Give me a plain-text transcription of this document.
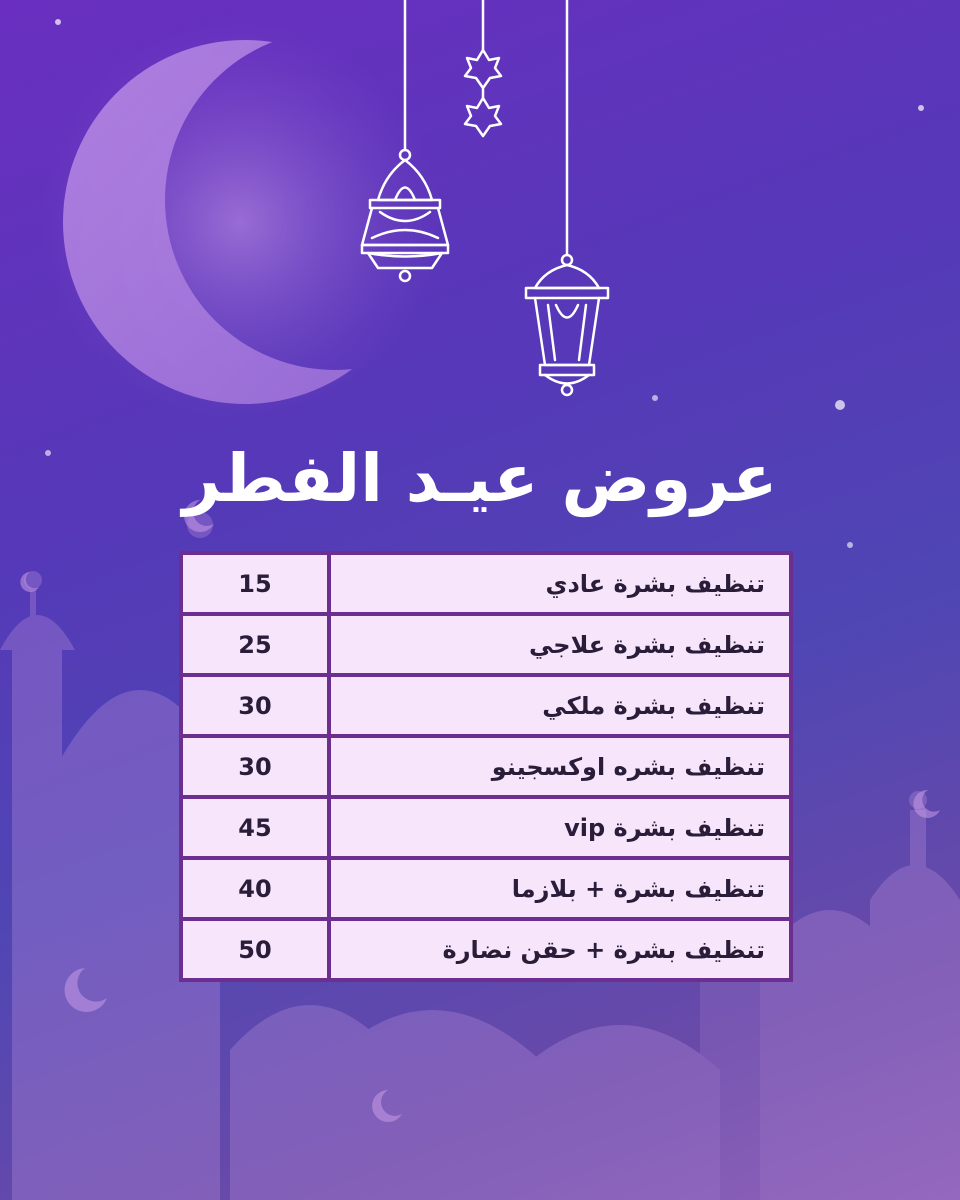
عروض عيـد الفطر
تنظيف بشرة عادي	15
تنظيف بشرة علاجي	25
تنظيف بشرة ملكي	30
تنظيف بشره اوكسجينو	30
تنظيف بشرة vip	45
تنظيف بشرة + بلازما	40
تنظيف بشرة + حقن نضارة	50
